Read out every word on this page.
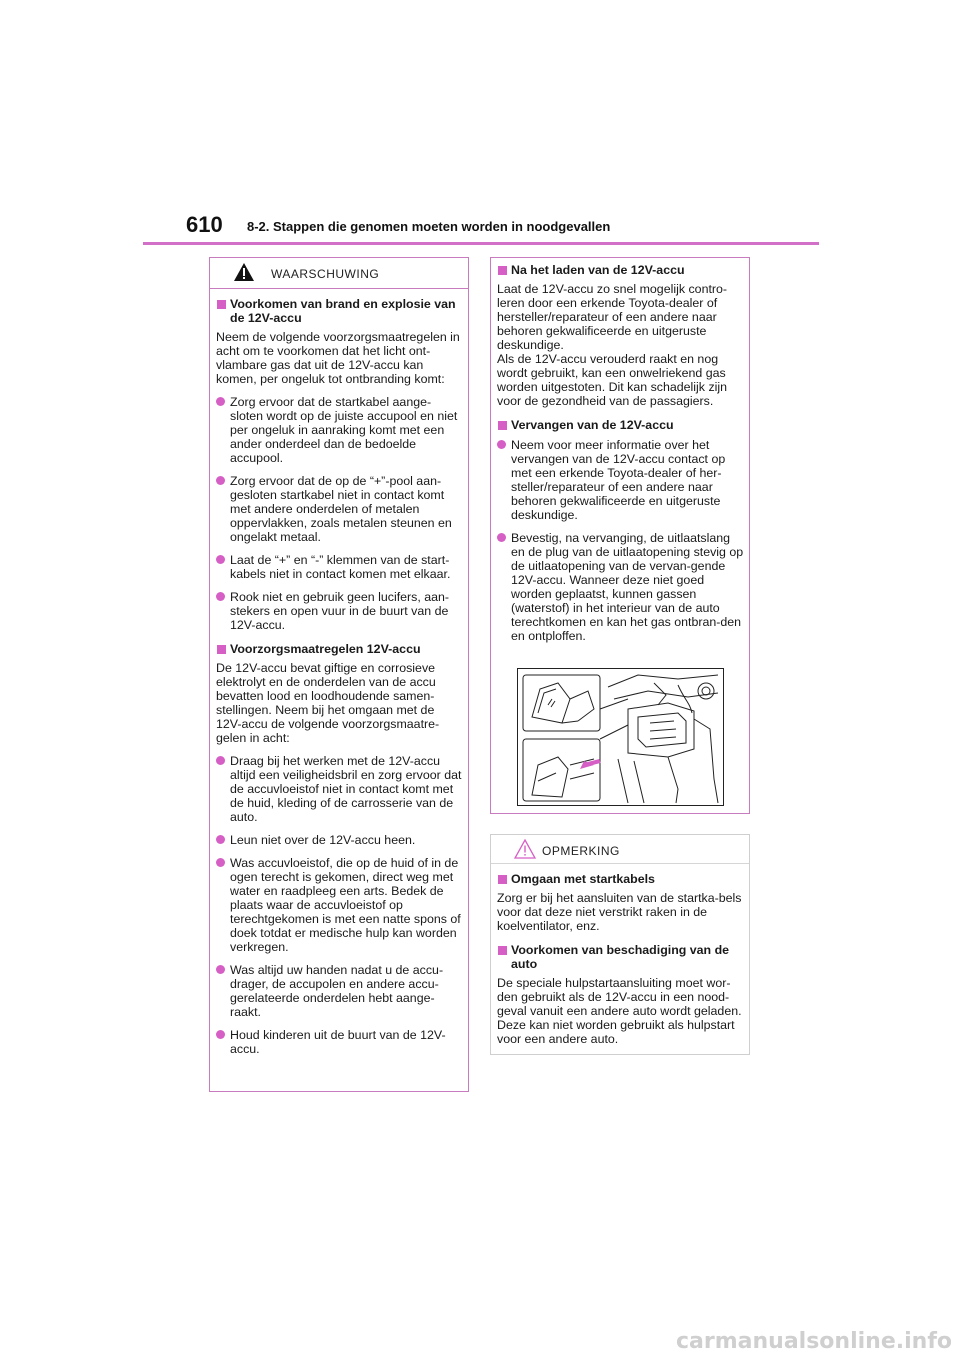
610 8-2. Stappen die genomen moeten worden in noodgevallen
WAARSCHUWING
Voorkomen van brand en explosie van de 12V-accu
Neem de volgende voorzorgsmaatregelen in acht om te voorkomen dat het licht ont-vlambare gas dat uit de 12V-accu kan komen, per ongeluk tot ontbranding komt:
Zorg ervoor dat de startkabel aange-sloten wordt op de juiste accupool en niet per ongeluk in aanraking komt met een ander onderdeel dan de bedoelde accupool.
Zorg ervoor dat de op de “+”-pool aan-gesloten startkabel niet in contact komt met andere onderdelen of metalen oppervlakken, zoals metalen steunen en ongelakt metaal.
Laat de “+” en “-” klemmen van de start-kabels niet in contact komen met elkaar.
Rook niet en gebruik geen lucifers, aan-stekers en open vuur in de buurt van de 12V-accu.
Voorzorgsmaatregelen 12V-accu
De 12V-accu bevat giftige en corrosieve elektrolyt en de onderdelen van de accu bevatten lood en loodhoudende samen-stellingen. Neem bij het omgaan met de 12V-accu de volgende voorzorgsmaatre-gelen in acht:
Draag bij het werken met de 12V-accu altijd een veiligheidsbril en zorg ervoor dat de accuvloeistof niet in contact komt met de huid, kleding of de carrosserie van de auto.
Leun niet over de 12V-accu heen.
Was accuvloeistof, die op de huid of in de ogen terecht is gekomen, direct weg met water en raadpleeg een arts. Bedek de plaats waar de accuvloeistof op terechtgekomen is met een natte spons of doek totdat er medische hulp kan worden verkregen.
Was altijd uw handen nadat u de accu-drager, de accupolen en andere accu-gerelateerde onderdelen hebt aange-raakt.
Houd kinderen uit de buurt van de 12V-accu.
Na het laden van de 12V-accu
Laat de 12V-accu zo snel mogelijk contro-leren door een erkende Toyota-dealer of hersteller/reparateur of een andere naar behoren gekwalificeerde en uitgeruste deskundige.
Als de 12V-accu verouderd raakt en nog wordt gebruikt, kan een onwelriekend gas worden uitgestoten. Dit kan schadelijk zijn voor de gezondheid van de passagiers.
Vervangen van de 12V-accu
Neem voor meer informatie over het vervangen van de 12V-accu contact op met een erkende Toyota-dealer of her-steller/reparateur of een andere naar behoren gekwalificeerde en uitgeruste deskundige.
Bevestig, na vervanging, de uitlaatslang en de plug van de uitlaatopening stevig op de uitlaatopening van de vervan-gende 12V-accu. Wanneer deze niet goed worden geplaatst, kunnen gassen (waterstof) in het interieur van de auto terechtkomen en kan het gas ontbran-den en ontploffen.
OPMERKING
Omgaan met startkabels
Zorg er bij het aansluiten van de startka-bels voor dat deze niet verstrikt raken in de koelventilator, enz.
Voorkomen van beschadiging van de auto
De speciale hulpstartaansluiting moet wor-den gebruikt als de 12V-accu in een nood-geval vanuit een andere auto wordt geladen. Deze kan niet worden gebruikt als hulpstart voor een andere auto.
carmanualsonline.info
